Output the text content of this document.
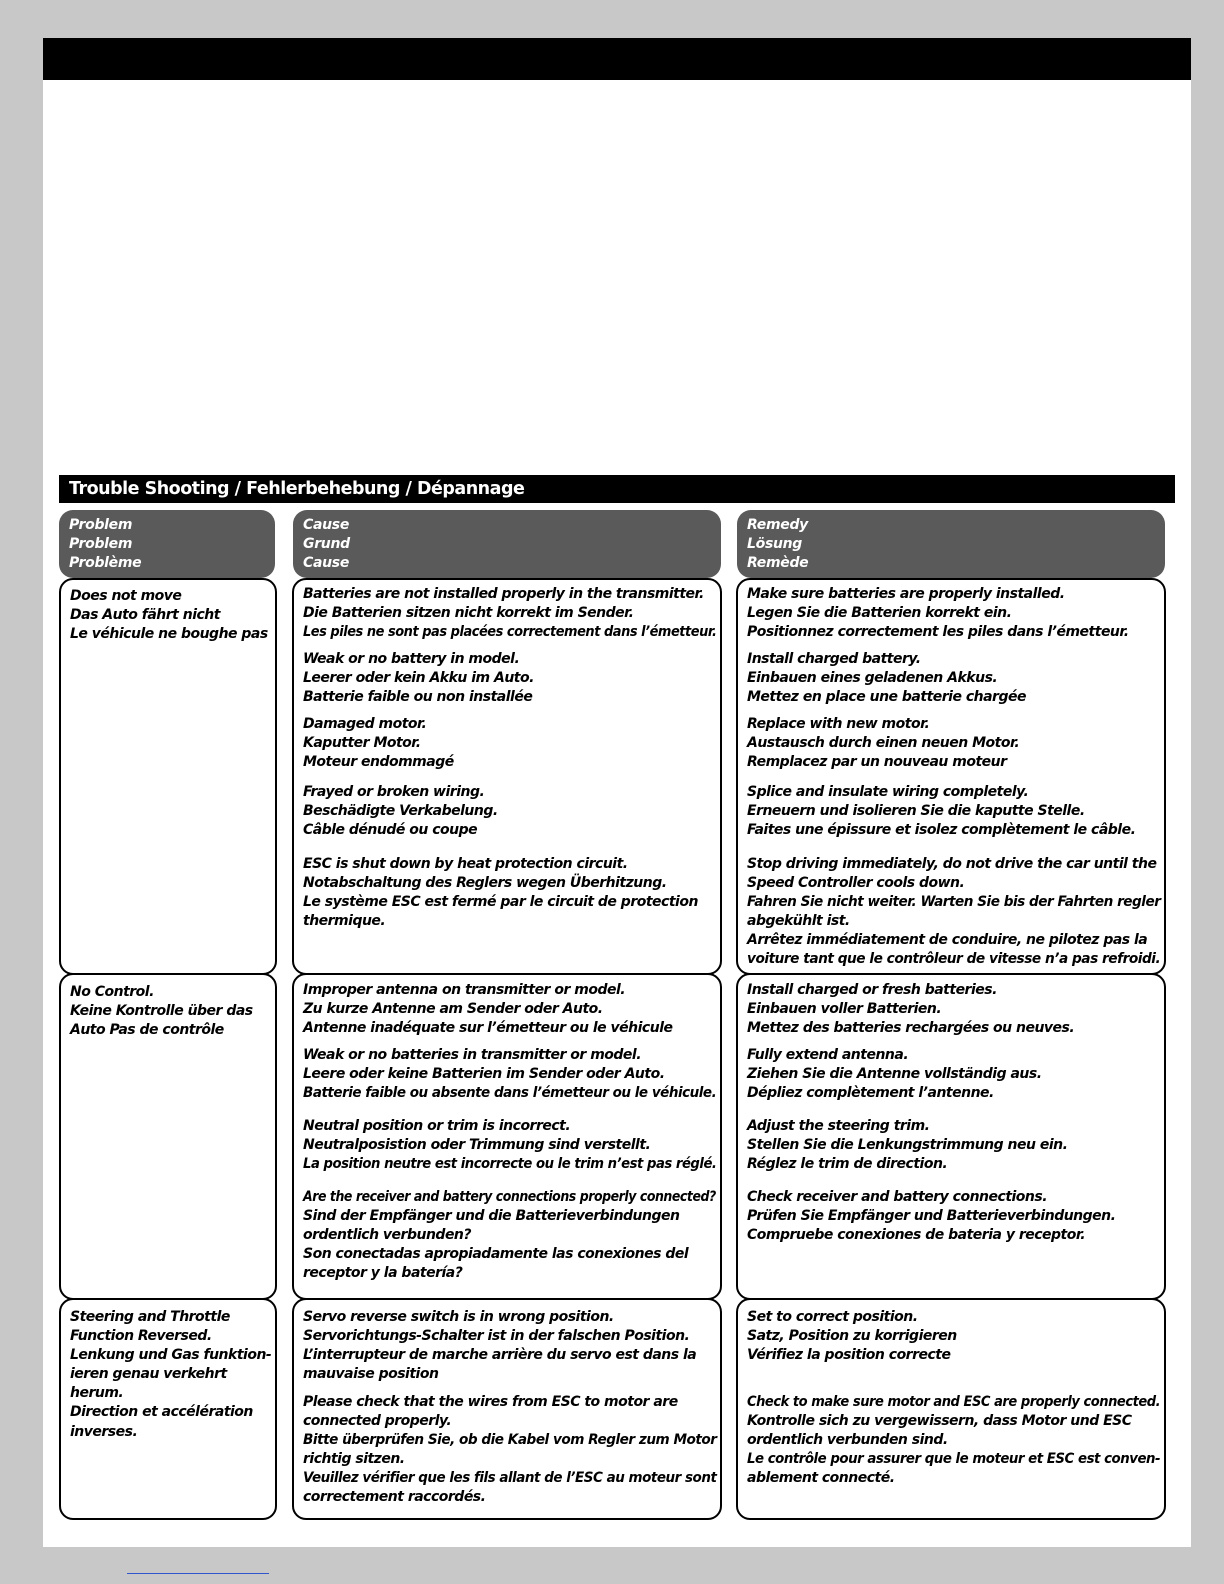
Trouble Shooting / Fehlerbehebung / Dépannage
Problem
Problem
Problème
Cause
Grund
Cause
Remedy
Lösung
Remède
Does not move
Das Auto fährt nicht
Le véhicule ne boughe pas
Batteries are not installed properly in the transmitter.
Die Batterien sitzen nicht korrekt im Sender.
Les piles ne sont pas placées correctement dans l’émetteur.
Weak or no battery in model.
Leerer oder kein Akku im Auto.
Batterie faible ou non installée
Damaged motor.
Kaputter Motor.
Moteur endommagé
Frayed or broken wiring.
Beschädigte Verkabelung.
Câble dénudé ou coupe
ESC is shut down by heat protection circuit.
Notabschaltung des Reglers wegen Überhitzung.
Le système ESC est fermé par le circuit de protection
thermique.
Make sure batteries are properly installed.
Legen Sie die Batterien korrekt ein.
Positionnez correctement les piles dans l’émetteur.
Install charged battery.
Einbauen eines geladenen Akkus.
Mettez en place une batterie chargée
Replace with new motor.
Austausch durch einen neuen Motor.
Remplacez par un nouveau moteur
Splice and insulate wiring completely.
Erneuern und isolieren Sie die kaputte Stelle.
Faites une épissure et isolez complètement le câble.
Stop driving immediately, do not drive the car until the
Speed Controller cools down.
Fahren Sie nicht weiter. Warten Sie bis der Fahrten regler
abgekühlt ist.
Arrêtez immédiatement de conduire, ne pilotez pas la
voiture tant que le contrôleur de vitesse n’a pas refroidi.
No Control.
Keine Kontrolle über das
Auto Pas de contrôle
Improper antenna on transmitter or model.
Zu kurze Antenne am Sender oder Auto.
Antenne inadéquate sur l’émetteur ou le véhicule
Weak or no batteries in transmitter or model.
Leere oder keine Batterien im Sender oder Auto.
Batterie faible ou absente dans l’émetteur ou le véhicule.
Neutral position or trim is incorrect.
Neutralposistion oder Trimmung sind verstellt.
La position neutre est incorrecte ou le trim n’est pas réglé.
Are the receiver and battery connections properly connected?
Sind der Empfänger und die Batterieverbindungen
ordentlich verbunden?
Son conectadas apropiadamente las conexiones del
receptor y la batería?
Install charged or fresh batteries.
Einbauen voller Batterien.
Mettez des batteries rechargées ou neuves.
Fully extend antenna.
Ziehen Sie die Antenne vollständig aus.
Dépliez complètement l’antenne.
Adjust the steering trim.
Stellen Sie die Lenkungstrimmung neu ein.
Réglez le trim de direction.
Check receiver and battery connections.
Prüfen Sie Empfänger und Batterieverbindungen.
Compruebe conexiones de bateria y receptor.
Steering and Throttle
Function Reversed.
Lenkung und Gas funktion-
ieren genau verkehrt
herum.
Direction et accélération
inverses.
Servo reverse switch is in wrong position.
Servorichtungs-Schalter ist in der falschen Position.
L’interrupteur de marche arrière du servo est dans la
mauvaise position
Please check that the wires from ESC to motor are
connected properly.
Bitte überprüfen Sie, ob die Kabel vom Regler zum Motor
richtig sitzen.
Veuillez vérifier que les fils allant de l’ESC au moteur sont
correctement raccordés.
Set to correct position.
Satz, Position zu korrigieren
Vérifiez la position correcte
Check to make sure motor and ESC are properly connected.
Kontrolle sich zu vergewissern, dass Motor und ESC
ordentlich verbunden sind.
Le contrôle pour assurer que le moteur et ESC est conven-
ablement connecté.
